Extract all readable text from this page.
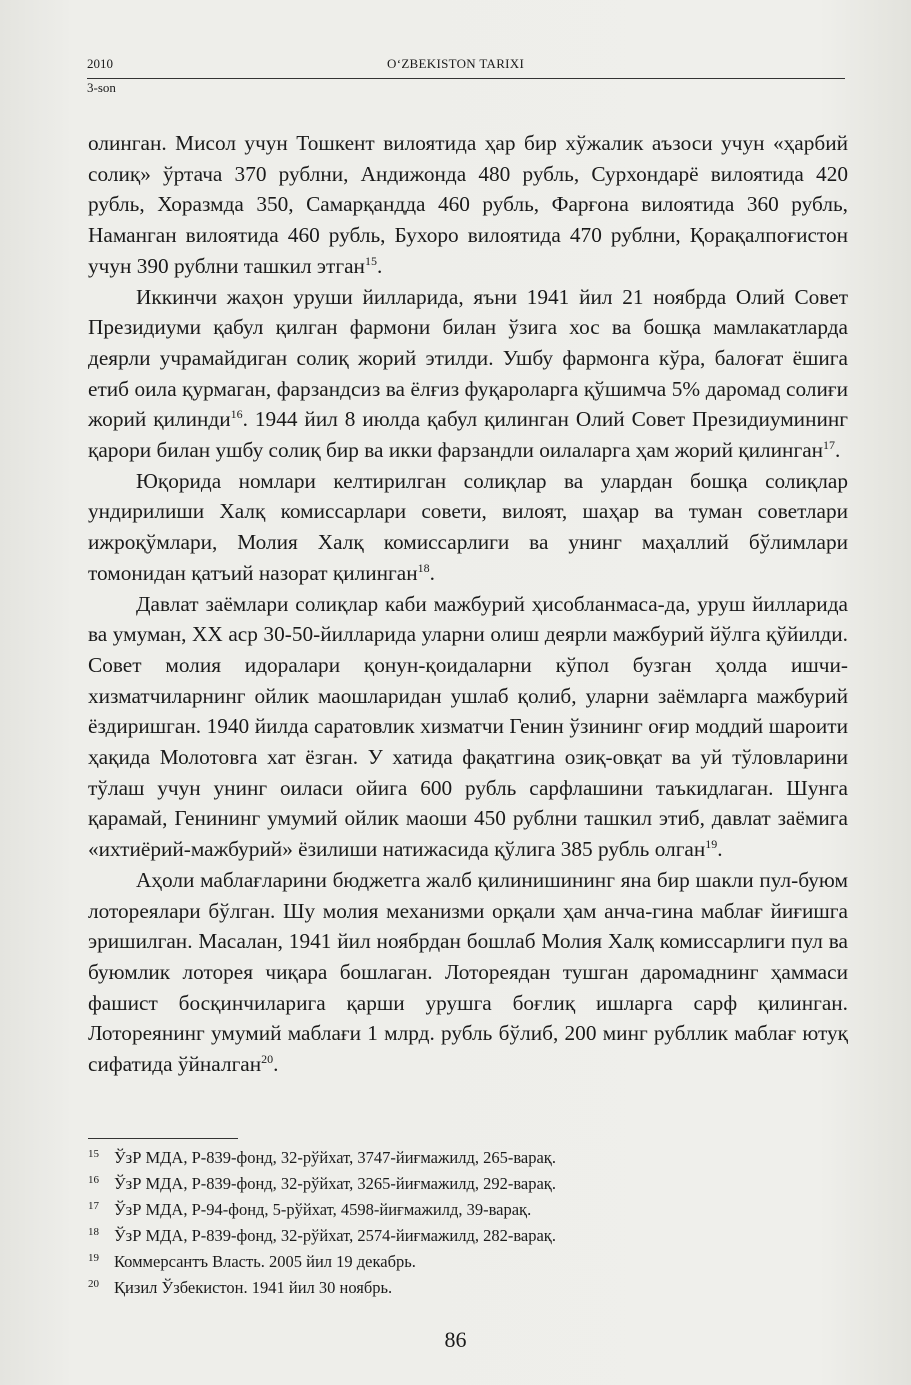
2010	O‘ZBEKISTON TARIXI
3-son

олинган. Мисол учун Тошкент вилоятида ҳар бир хўжалик аъзоси учун «ҳарбий солиқ» ўртача 370 рублни, Андижонда 480 рубль, Сурхондарё вилоятида 420 рубль, Хоразмда 350, Самарқандда 460 рубль, Фарғона вилоятида 360 рубль, Наманган вилоятида 460 рубль, Бухоро вилоятида 470 рублни, Қорақалпоғистон учун 390 рублни ташкил этган$^{15}$.

Иккинчи жаҳон уруши йилларида, яъни 1941 йил 21 ноябрда Олий Совет Президиуми қабул қилган фармони билан ўзига хос ва бошқа мамлакатларда деярли учрамайдиган солиқ жорий этилди. Ушбу фармонга кўра, балоғат ёшига етиб оила қурмаган, фарзандсиз ва ёлғиз фуқароларга қўшимча 5% даромад солиғи жорий қилинди$^{16}$. 1944 йил 8 июлда қабул қилинган Олий Совет Президиумининг қарори билан ушбу солиқ бир ва икки фарзандли оилаларга ҳам жорий қилинган$^{17}$.

Юқорида номлари келтирилган солиқлар ва улардан бошқа солиқлар ундирилиши Халқ комиссарлари совети, вилоят, шаҳар ва туман советлари ижроқўмлари, Молия Халқ комиссарлиги ва унинг маҳаллий бўлимлари томонидан қатъий назорат қилинган$^{18}$.

Давлат заёмлари солиқлар каби мажбурий ҳисобланмаса-да, уруш йилларида ва умуман, XX аср 30-50-йилларида уларни олиш деярли мажбурий йўлга қўйилди. Совет молия идоралари қонун-қоидаларни кўпол бузган ҳолда ишчи-хизматчиларнинг ойлик маошларидан ушлаб қолиб, уларни заёмларга мажбурий ёздиришган. 1940 йилда саратовлик хизматчи Генин ўзининг оғир моддий шароити ҳақида Молотовга хат ёзган. У хатида фақатгина озиқ-овқат ва уй тўловларини тўлаш учун унинг оиласи ойига 600 рубль сарфлашини таъкидлаган. Шунга қарамай, Генининг умумий ойлик маоши 450 рублни ташкил этиб, давлат заёмига «ихтиёрий-мажбурий» ёзилиши натижасида қўлига 385 рубль олган$^{19}$.

Аҳоли маблағларини бюджетга жалб қилинишининг яна бир шакли пул-буюм лотореялари бўлган. Шу молия механизми орқали ҳам анча-гина маблағ йиғишга эришилган. Масалан, 1941 йил ноябрдан бошлаб Молия Халқ комиссарлиги пул ва буюмлик лоторея чиқара бошлаган. Лотореядан тушган даромаднинг ҳаммаси фашист босқинчиларига қарши урушга боғлиқ ишларга сарф қилинган. Лотореянинг умумий маблағи 1 млрд. рубль бўлиб, 200 минг рубллик маблағ ютуқ сифатида ўйналган$^{20}$.

15 ЎзР МДА, Р-839-фонд, 32-рўйхат, 3747-йиғмажилд, 265-варақ.
16 ЎзР МДА, Р-839-фонд, 32-рўйхат, 3265-йиғмажилд, 292-варақ.
17 ЎзР МДА, Р-94-фонд, 5-рўйхат, 4598-йиғмажилд, 39-варақ.
18 ЎзР МДА, Р-839-фонд, 32-рўйхат, 2574-йиғмажилд, 282-варақ.
19 Коммерсантъ Власть. 2005 йил 19 декабрь.
20 Қизил Ўзбекистон. 1941 йил 30 ноябрь.
86
